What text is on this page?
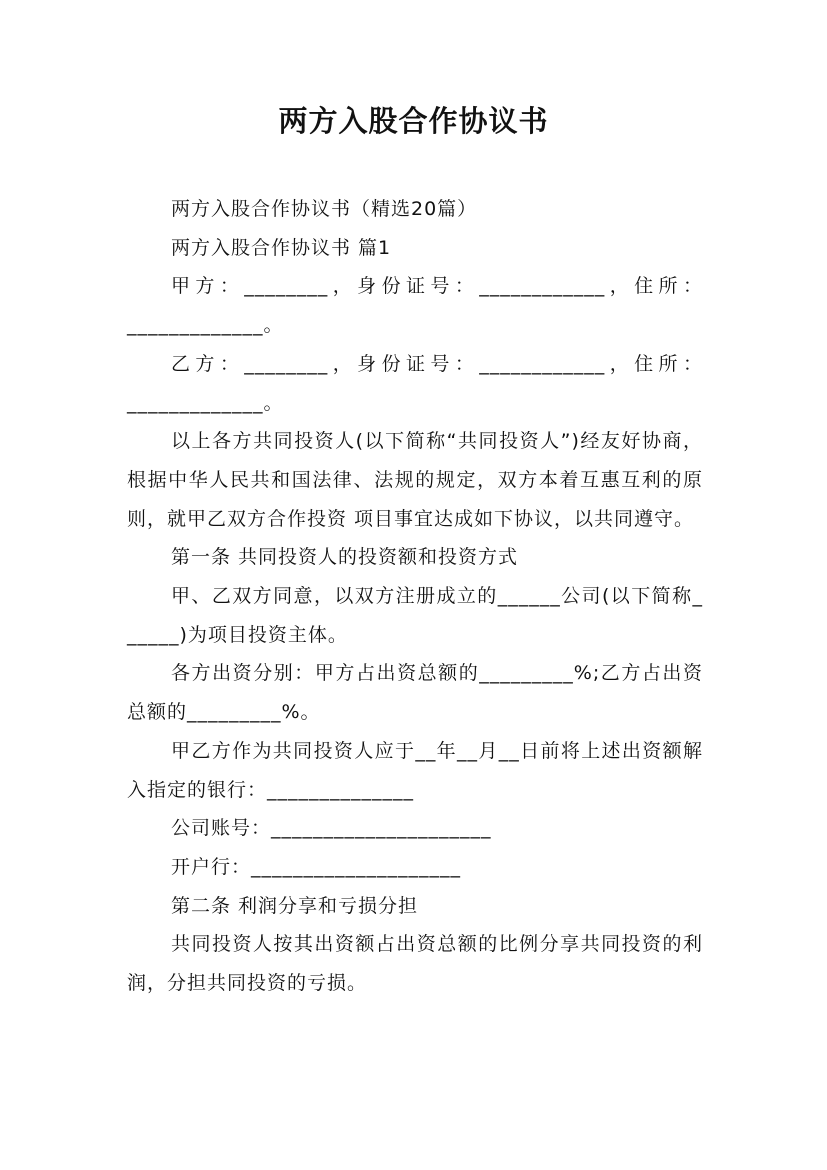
两方入股合作协议书

两方入股合作协议书（精选20篇）

两方入股合作协议书 篇1

甲方：________，身份证号：____________，住所：

_____________。

乙方：________，身份证号：____________，住所：

_____________。

以上各方共同投资人(以下简称“共同投资人”)经友好协商，根据中华人民共和国法律、法规的规定，双方本着互惠互利的原则，就甲乙双方合作投资 项目事宜达成如下协议，以共同遵守。

第一条 共同投资人的投资额和投资方式

甲、乙双方同意，以双方注册成立的______公司(以下简称______)为项目投资主体。

各方出资分别：甲方占出资总额的_________%;乙方占出资总额的_________%。

甲乙方作为共同投资人应于__年__月__日前将上述出资额解入指定的银行：______________

公司账号：_____________________

开户行：____________________

第二条 利润分享和亏损分担

共同投资人按其出资额占出资总额的比例分享共同投资的利润，分担共同投资的亏损。
